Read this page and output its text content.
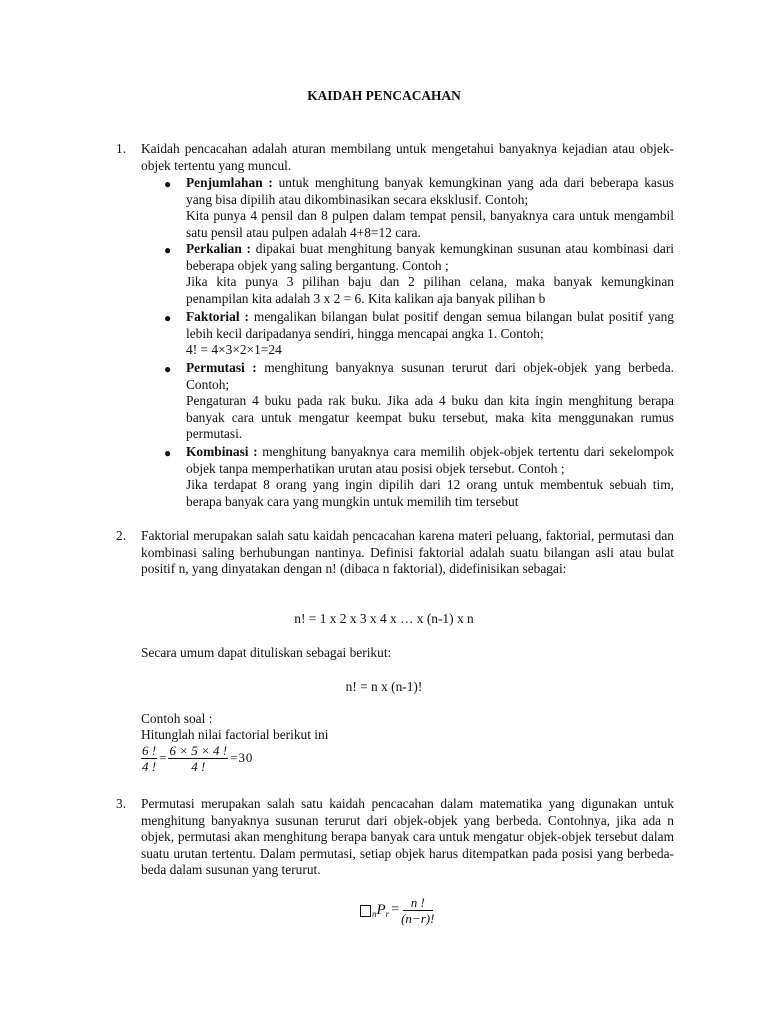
KAIDAH PENCACAHAN
1. Kaidah pencacahan adalah aturan membilang untuk mengetahui banyaknya kejadian atau objek-objek tertentu yang muncul.

● Penjumlahan : untuk menghitung banyak kemungkinan yang ada dari beberapa kasus yang bisa dipilih atau dikombinasikan secara eksklusif. Contoh;

Kita punya 4 pensil dan 8 pulpen dalam tempat pensil, banyaknya cara untuk mengambil satu pensil atau pulpen adalah 4+8=12 cara.

● Perkalian : dipakai buat menghitung banyak kemungkinan susunan atau kombinasi dari beberapa objek yang saling bergantung. Contoh ;

Jika kita punya 3 pilihan baju dan 2 pilihan celana, maka banyak kemungkinan penampilan kita adalah 3 x 2 = 6. Kita kalikan aja banyak pilihan b

● Faktorial : mengalikan bilangan bulat positif dengan semua bilangan bulat positif yang lebih kecil daripadanya sendiri, hingga mencapai angka 1. Contoh;

4! = 4×3×2×1=24

● Permutasi : menghitung banyaknya susunan terurut dari objek-objek yang berbeda. Contoh;

Pengaturan 4 buku pada rak buku. Jika ada 4 buku dan kita ingin menghitung berapa banyak cara untuk mengatur keempat buku tersebut, maka kita menggunakan rumus permutasi.

● Kombinasi : menghitung banyaknya cara memilih objek-objek tertentu dari sekelompok objek tanpa memperhatikan urutan atau posisi objek tersebut. Contoh ;

Jika terdapat 8 orang yang ingin dipilih dari 12 orang untuk membentuk sebuah tim, berapa banyak cara yang mungkin untuk memilih tim tersebut

2. Faktorial merupakan salah satu kaidah pencacahan karena materi peluang, faktorial, permutasi dan kombinasi saling berhubungan nantinya. Definisi faktorial adalah suatu bilangan asli atau bulat positif n, yang dinyatakan dengan n! (dibaca n faktorial), didefinisikan sebagai:

n! = 1 x 2 x 3 x 4 x … x (n-1) x n

Secara umum dapat dituliskan sebagai berikut:

n! = n x (n-1)!

Contoh soal :

Hitunglah nilai factorial berikut ini

$\frac{6 !}{4 !} = \frac{6 \times 5 \times 4 !}{4 !} =30$
3. Permutasi merupakan salah satu kaidah pencacahan dalam matematika yang digunakan untuk menghitung banyaknya susunan terurut dari objek-objek yang berbeda. Contohnya, jika ada n objek, permutasi akan menghitung berapa banyak cara untuk mengatur objek-objek tersebut dalam suatu urutan tertentu. Dalam permutasi, setiap objek harus ditempatkan pada posisi yang berbeda-beda dalam susunan yang terurut.

n P $r = \frac{n !}{(n-r)!}$
